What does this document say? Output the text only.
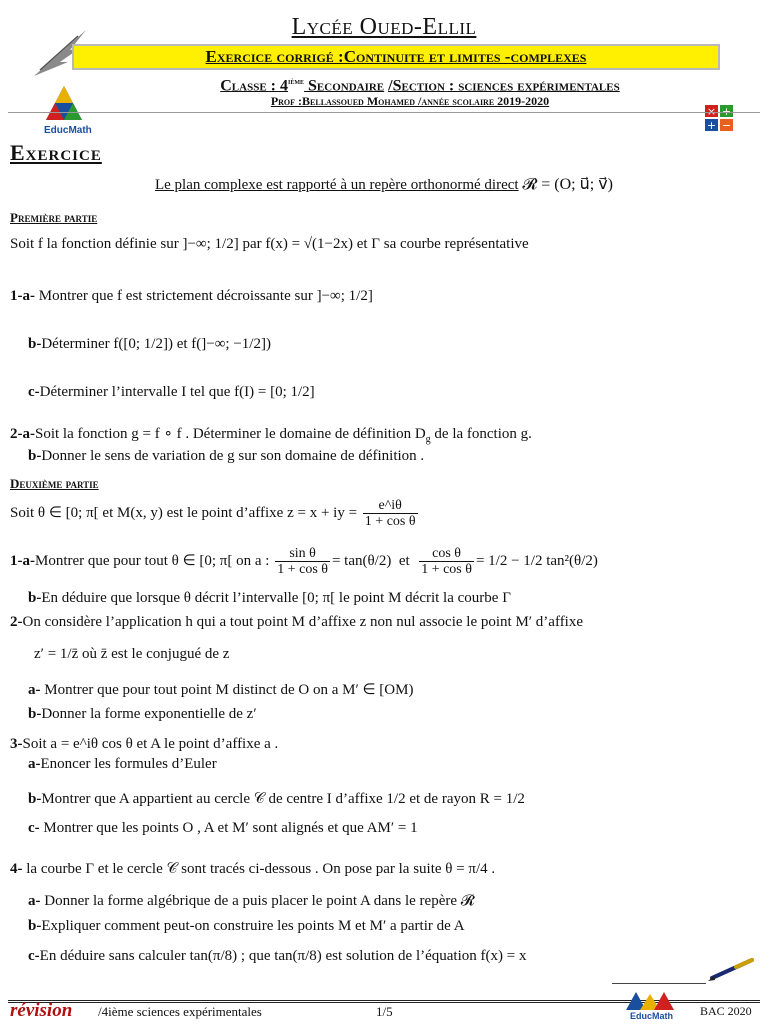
Lycée Oued-Ellil
Exercice corrigé :Continuite et limites -complexes
Classe : 4ième Secondaire /Section : sciences expérimentales
Prof :Bellassoued Mohamed /année scolaire 2019-2020
EducMath
× +
+ −
Exercice
Le plan complexe est rapporté à un repère orthonormé direct 𝓡 = (O; u⃗; v⃗)
Première partie
Soit f la fonction définie sur ]−∞; 1/2] par f(x) = √(1−2x) et Γ sa courbe représentative
1-a- Montrer que f est strictement décroissante sur ]−∞; 1/2]
b-Déterminer f([0; 1/2]) et f(]−∞; −1/2])
c-Déterminer l’intervalle I tel que f(I) = [0; 1/2]
2-a-Soit la fonction g = f ∘ f . Déterminer le domaine de définition $D_g$ de la fonction g.
b-Donner le sens de variation de g sur son domaine de définition .
Deuxième partie
Soit θ ∈ [0; π[ et M(x, y) est le point d’affixe z = x + iy = $\frac{e\^{}i\theta}{\text{1 + cos θ}}$
1-a-Montrer que pour tout θ ∈ [0; π[ on a : $\frac{\text{sin θ}}{\text{1 + cos θ}} = \tan(\theta/2)$ et $\frac{\text{cos θ}}{\text{1 + cos θ}} = 1/2 - 1/2$ tan²(θ/2)
b-En déduire que lorsque θ décrit l’intervalle [0; π[ le point M décrit la courbe Γ
2-On considère l’application h qui a tout point M d’affixe z non nul associe le point M′ d’affixe
z′ = 1/z̄ où z̄ est le conjugué de z
a- Montrer que pour tout point M distinct de O on a M′ ∈ [OM)
b-Donner la forme exponentielle de z′
3-Soit a = e^iθ cos θ et A le point d’affixe a .
a-Enoncer les formules d’Euler
b-Montrer que A appartient au cercle 𝒞 de centre I d’affixe 1/2 et de rayon R = 1/2
c- Montrer que les points O , A et M′ sont alignés et que AM′ = 1
4- la courbe Γ et le cercle 𝒞 sont tracés ci-dessous . On pose par la suite θ = π/4 .
a- Donner la forme algébrique de a puis placer le point A dans le repère 𝓡
b-Expliquer comment peut-on construire les points M et M′ a partir de A
c-En déduire sans calculer tan(π/8) ; que tan(π/8) est solution de l’équation f(x) = x
révision /4ième sciences expérimentales	1/5	EducMath BAC 2020
